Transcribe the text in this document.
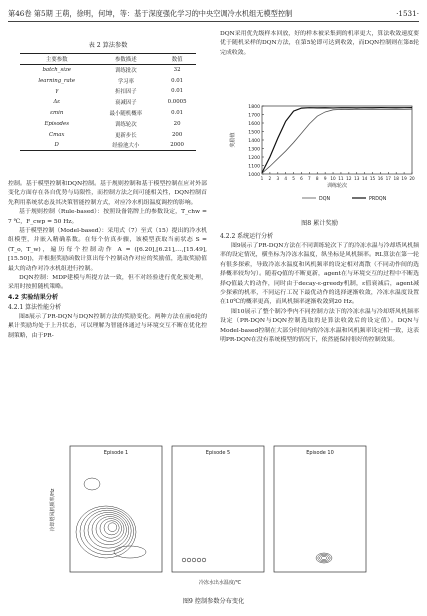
第46卷 第5期 王萌，徐明，何坤，等：基于深度强化学习的中央空调冷水机组无模型控制	·1531·
表 2 算法参数
主要参数	参数描述	数值
batch_size	训练批次	32
learning_rate	学习率	0.01
γ	折扣因子	0.01
Δε	衰减因子	0.0005
εmin	最小随机概率	0.01
Episodes	训练轮次	20
Cmax	更新步长	200
D	经验池大小	2000

控制。基于模型控制和DQN控制。基于规则控制和基于模型控制在应对外部变化方面存在各自优势与局限性，而控制方法之间可能相关性，DQN控制首先利用系统状态及其决策智能控制方式，对应冷水机组温度调控的影响。

基于规则控制（Rule-based）：按照设备铭牌上的参数设定，T_chw = 7 ℃，F_cwp = 50 Hz。

基于模型控制（Model-based）：采用式（7）至式（15）提出的冷水机组模型，并嵌入精确系数。在每个仿真步骤，该模型获取当前状态 S = (T_o, T_w)，遍历每个控制动作 A = ([6.20],[6.21],…,[15.49],[15.50])，并根据奖励函数计算出每个控制动作对应的奖励值，选取奖励值最大的动作对冷水机组进行控制。

DQN控制：MDP建模与所提方法一致，但不对经验进行优化预处理，采用时按照随机策略。

4.2 实验结果分析
4.2.1 算法性能分析

图8展示了PR-DQN与DQN控制方法的奖励变化。两种方法在前6轮的累计奖励均处于上升状态，可以理解为智能体通过与环境交互不断在优化控制策略，由于PR-

DQN采用优先级样本回放，好的样本被采集到的机率更大，算法收敛速度要优于随机采样的DQN方法，在第5轮即可达到收敛，而DQN控制则在第8轮完成收敛。

1000
1100
1200
1300
1400
1500
1600
1700
1800
1 2 3 4 5 6 7 8 9 10 11 12 13 14 15 16 17 18 19 20
训练轮次
奖励值
DQN	PRDQN
图8 累计奖励
4.2.2 系统运行分析

图9展示了PR-DQN方法在不同训练轮次下了的冷冻水温与冷却塔风机频率的设定情况，横坐标为冷冻水温度，纵坐标是风机频率。RL算法在第一轮有很多探索，导致冷冻水温度和风机频率的设定相对离散（不同动作间的选择概率较均匀）。随着Q值的不断更新，agent在与环境交互的过程中不断选择Q值最大的动作，同时由于decay-ε-greedy机制，ε值衰减后，agent减少探索的机率，不同运行工况下最优动作的选择逐渐收敛，冷冻水温度设置在10℃的概率更高，而风机频率逐渐收敛到20 Hz。

图10展示了整个制冷季内不同控制方法下的冷冻水温与冷却塔风机频率设定（PR-DQN与DQN控制选取的是算法收敛后的设定值）。DQN与Model-based控制在大部分时间内的冷冻水温和风机频率设定相一致，这表明PR-DQN在没有系统模型的情况下，依然能保持很好的控制效果。

Episode 1	Episode 5	Episode 10
冷冻水出水温度/℃
冷却塔风机频率/Hz
图9 控制参数分布变化
